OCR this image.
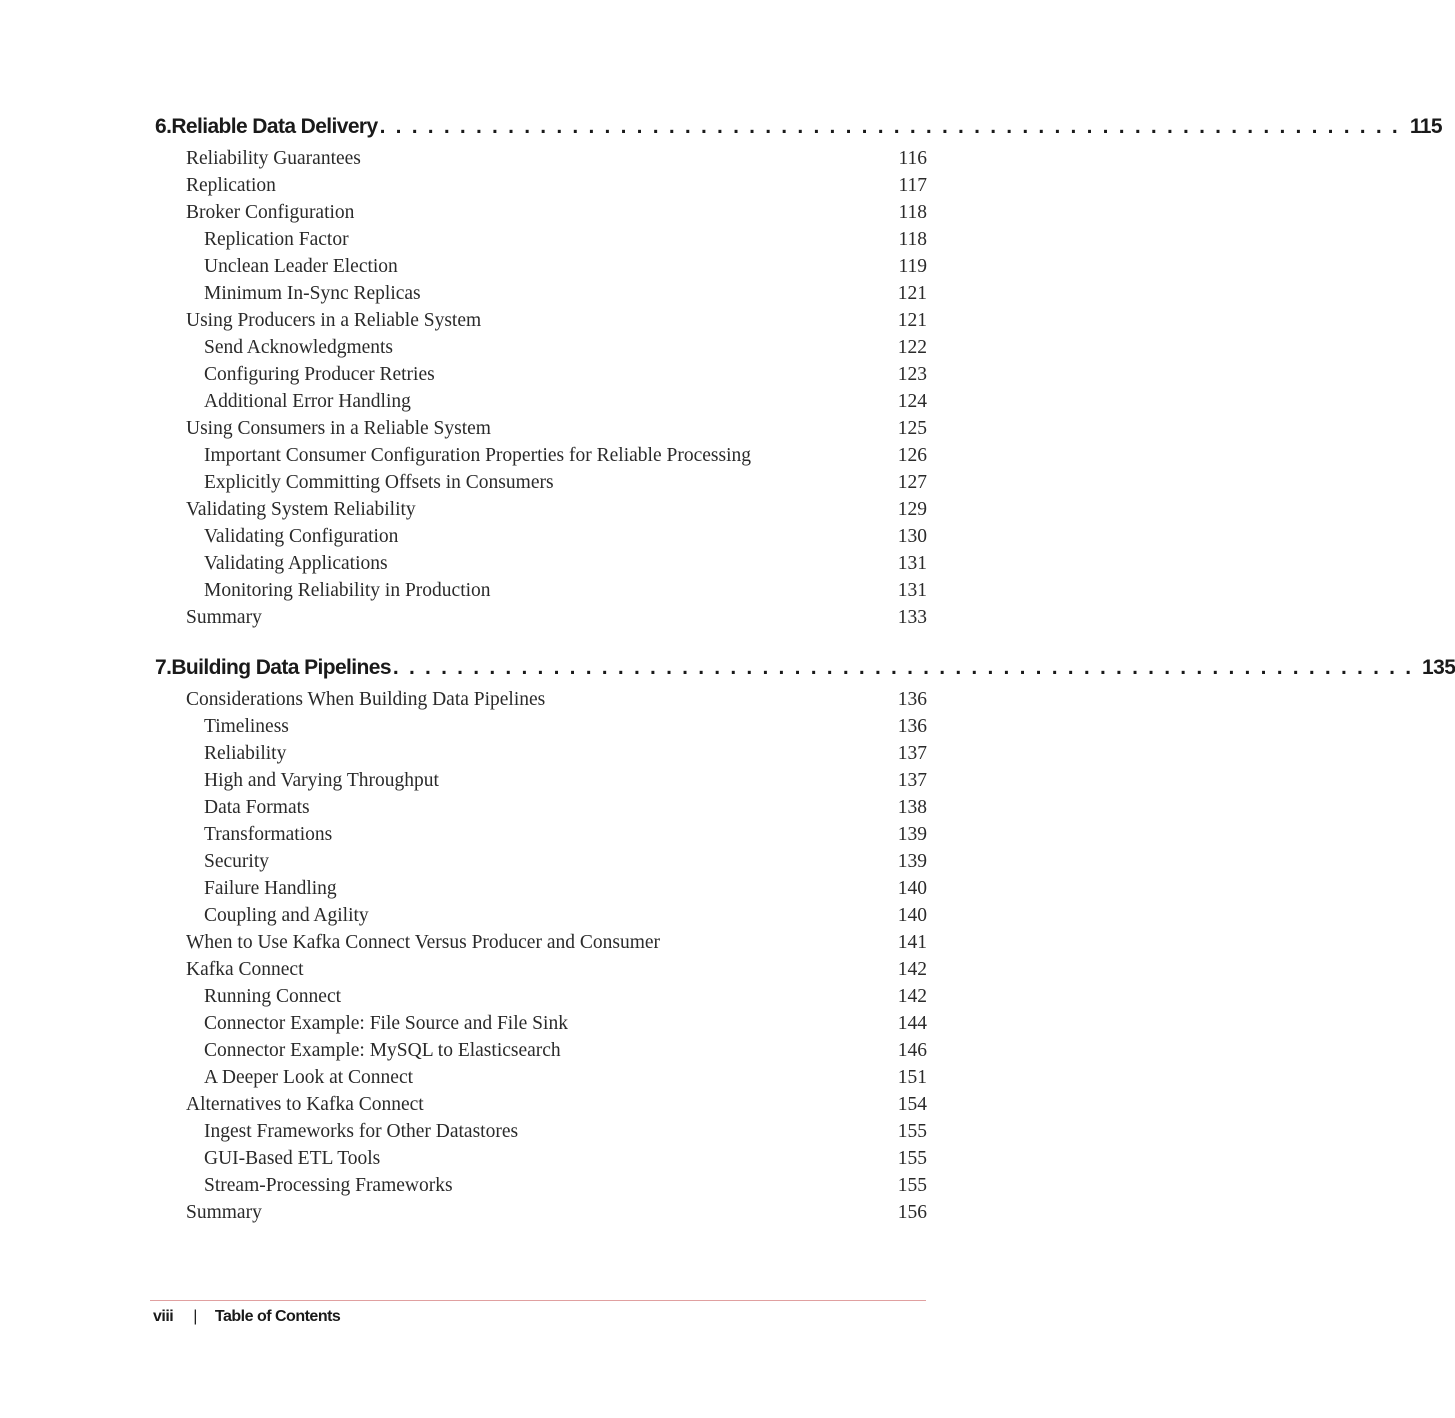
6. Reliable Data Delivery . . . . . . . . . . . . . . . . . . . . . . . . . . . . . . . . . . . . . . . . . . . . . . . . . . . . . . . . . . . . . . . . 115
Reliability Guarantees	116
Replication	117
Broker Configuration	118
Replication Factor	118
Unclean Leader Election	119
Minimum In-Sync Replicas	121
Using Producers in a Reliable System	121
Send Acknowledgments	122
Configuring Producer Retries	123
Additional Error Handling	124
Using Consumers in a Reliable System	125
Important Consumer Configuration Properties for Reliable Processing	126
Explicitly Committing Offsets in Consumers	127
Validating System Reliability	129
Validating Configuration	130
Validating Applications	131
Monitoring Reliability in Production	131
Summary	133
7. Building Data Pipelines . . . . . . . . . . . . . . . . . . . . . . . . . . . . . . . . . . . . . . . . . . . . . . . . . . . . . . . . . . . . . . . . 135
Considerations When Building Data Pipelines	136
Timeliness	136
Reliability	137
High and Varying Throughput	137
Data Formats	138
Transformations	139
Security	139
Failure Handling	140
Coupling and Agility	140
When to Use Kafka Connect Versus Producer and Consumer	141
Kafka Connect	142
Running Connect	142
Connector Example: File Source and File Sink	144
Connector Example: MySQL to Elasticsearch	146
A Deeper Look at Connect	151
Alternatives to Kafka Connect	154
Ingest Frameworks for Other Datastores	155
GUI-Based ETL Tools	155
Stream-Processing Frameworks	155
Summary	156
viii | Table of Contents
